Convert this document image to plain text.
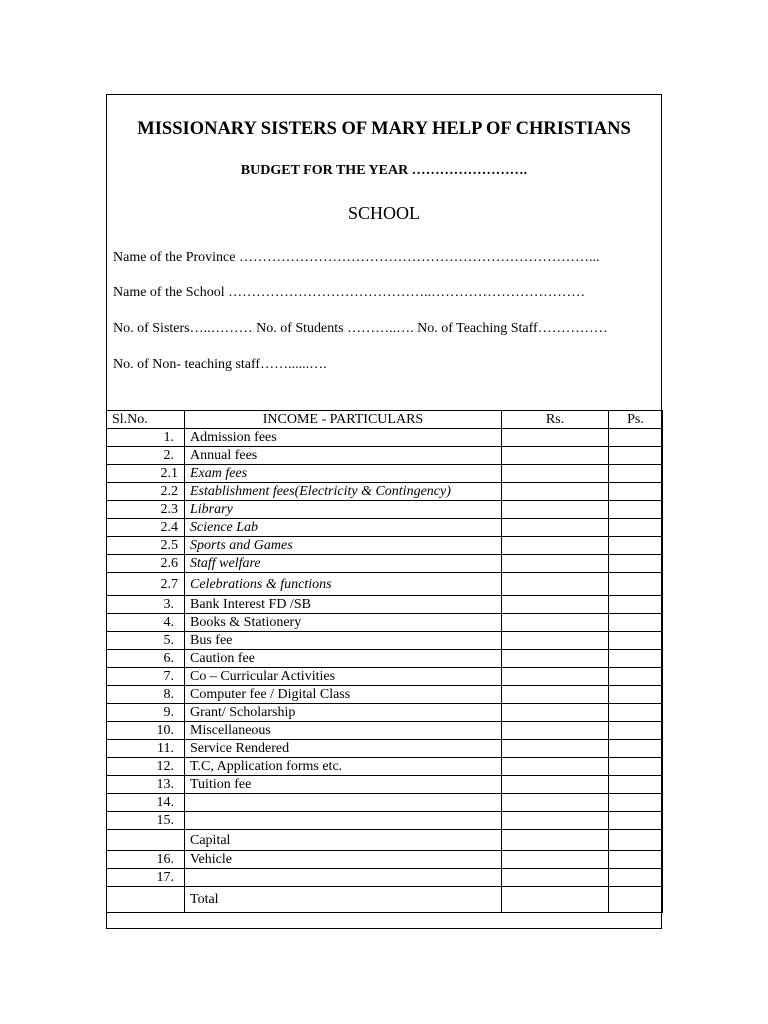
MISSIONARY SISTERS OF MARY HELP OF CHRISTIANS
BUDGET FOR THE YEAR …………………….
SCHOOL
Name of the Province …………………………………………………………………...
Name of the School ……………………………………..……………………………
No. of Sisters…..……… No. of Students ………..…. No. of Teaching Staff……………
No. of Non- teaching staff……......….
Sl.No.	INCOME - PARTICULARS	Rs.	Ps.
1.	Admission fees		
2.	Annual fees		
2.1	Exam fees		
2.2	Establishment fees(Electricity & Contingency)		
2.3	Library		
2.4	Science Lab		
2.5	Sports and Games		
2.6	Staff welfare		
2.7	Celebrations & functions		
3.	Bank Interest FD /SB		
4.	Books & Stationery		
5.	Bus fee		
6.	Caution fee		
7.	Co – Curricular Activities		
8.	Computer fee / Digital Class		
9.	Grant/ Scholarship		
10.	Miscellaneous		
11.	Service Rendered		
12.	T.C, Application forms etc.		
13.	Tuition fee		
14.			
15.			
	Capital		
16.	Vehicle		
17.			
	Total		
